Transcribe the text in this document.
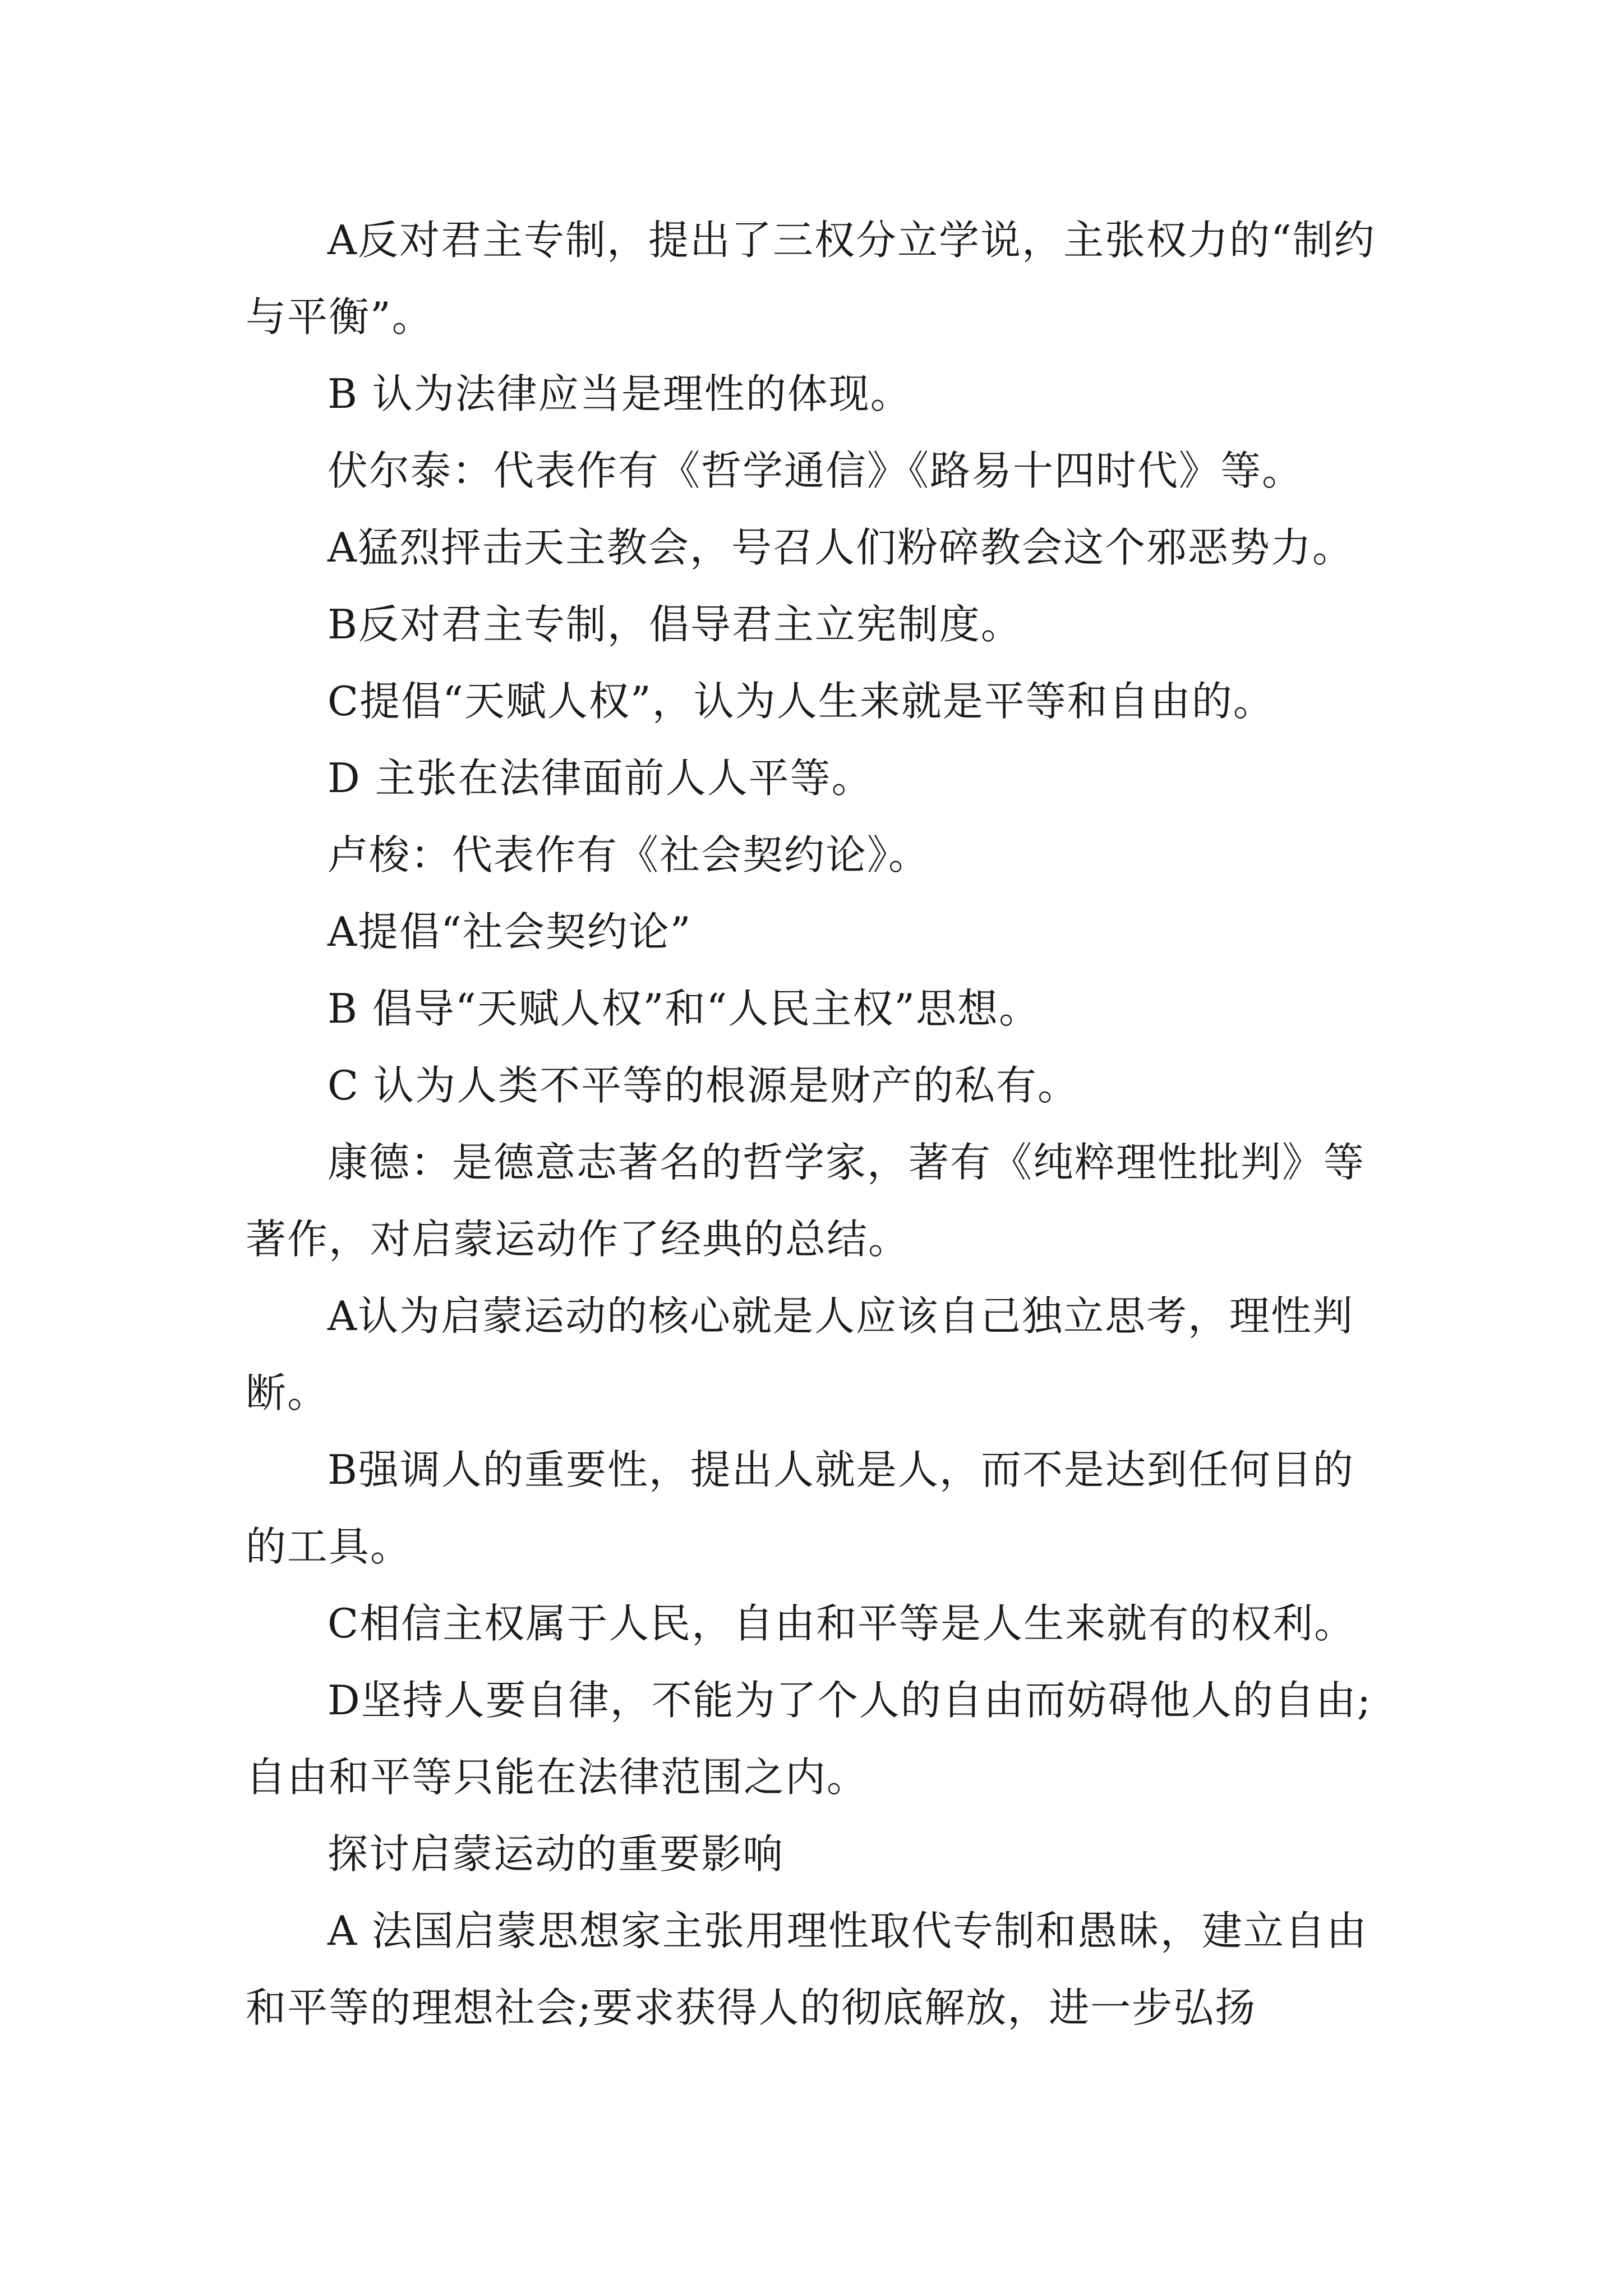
A反对君主专制，提出了三权分立学说，主张权力的“制约与平衡”。

B 认为法律应当是理性的体现。

伏尔泰：代表作有《哲学通信》《路易十四时代》等。

A猛烈抨击天主教会，号召人们粉碎教会这个邪恶势力。

B反对君主专制，倡导君主立宪制度。

C提倡“天赋人权”，认为人生来就是平等和自由的。

D 主张在法律面前人人平等。

卢梭：代表作有《社会契约论》。

A提倡“社会契约论”

B 倡导“天赋人权”和“人民主权”思想。

C 认为人类不平等的根源是财产的私有。

康德：是德意志著名的哲学家，著有《纯粹理性批判》等著作，对启蒙运动作了经典的总结。

A认为启蒙运动的核心就是人应该自己独立思考，理性判断。

B强调人的重要性，提出人就是人，而不是达到任何目的的工具。

C相信主权属于人民，自由和平等是人生来就有的权利。

D坚持人要自律，不能为了个人的自由而妨碍他人的自由;自由和平等只能在法律范围之内。

探讨启蒙运动的重要影响

A 法国启蒙思想家主张用理性取代专制和愚昧，建立自由和平等的理想社会;要求获得人的彻底解放，进一步弘扬
